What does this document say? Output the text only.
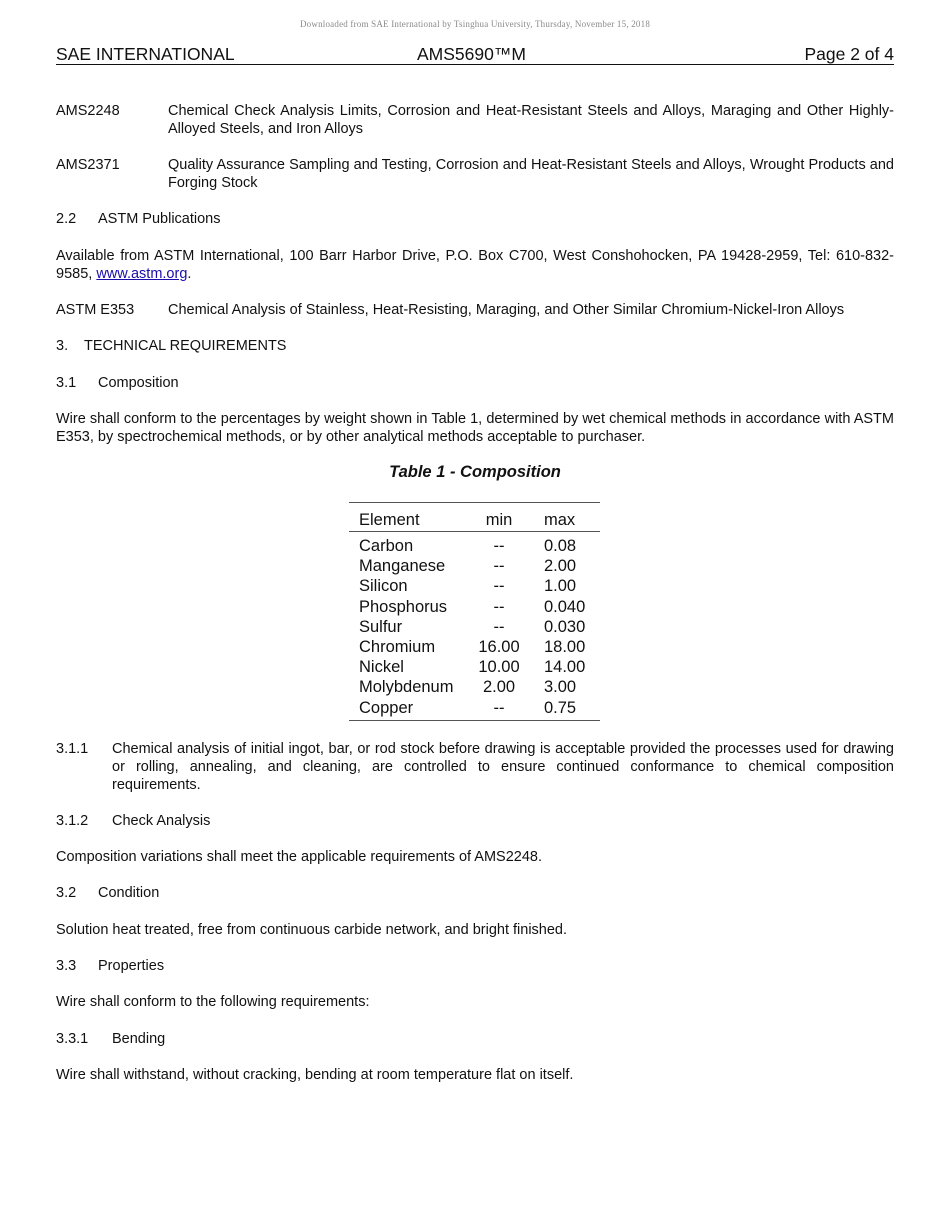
Downloaded from SAE International by Tsinghua University, Thursday, November 15, 2018
SAE INTERNATIONAL	AMS5690™M	Page 2 of 4
AMS2248	Chemical Check Analysis Limits, Corrosion and Heat-Resistant Steels and Alloys, Maraging and Other Highly-Alloyed Steels, and Iron Alloys
AMS2371	Quality Assurance Sampling and Testing, Corrosion and Heat-Resistant Steels and Alloys, Wrought Products and Forging Stock
2.2 ASTM Publications
Available from ASTM International, 100 Barr Harbor Drive, P.O. Box C700, West Conshohocken, PA 19428-2959, Tel: 610-832-9585, www.astm.org.
ASTM E353 Chemical Analysis of Stainless, Heat-Resisting, Maraging, and Other Similar Chromium-Nickel-Iron Alloys
3. TECHNICAL REQUIREMENTS
3.1 Composition
Wire shall conform to the percentages by weight shown in Table 1, determined by wet chemical methods in accordance with ASTM E353, by spectrochemical methods, or by other analytical methods acceptable to purchaser.
Table 1 - Composition
Element	min	max
Carbon	--	0.08
Manganese	--	2.00
Silicon	--	1.00
Phosphorus	--	0.040
Sulfur	--	0.030
Chromium	16.00	18.00
Nickel	10.00	14.00
Molybdenum	2.00	3.00
Copper	--	0.75
3.1.1 Chemical analysis of initial ingot, bar, or rod stock before drawing is acceptable provided the processes used for drawing or rolling, annealing, and cleaning, are controlled to ensure continued conformance to chemical composition requirements.
3.1.2 Check Analysis
Composition variations shall meet the applicable requirements of AMS2248.
3.2 Condition
Solution heat treated, free from continuous carbide network, and bright finished.
3.3 Properties
Wire shall conform to the following requirements:
3.3.1 Bending
Wire shall withstand, without cracking, bending at room temperature flat on itself.
